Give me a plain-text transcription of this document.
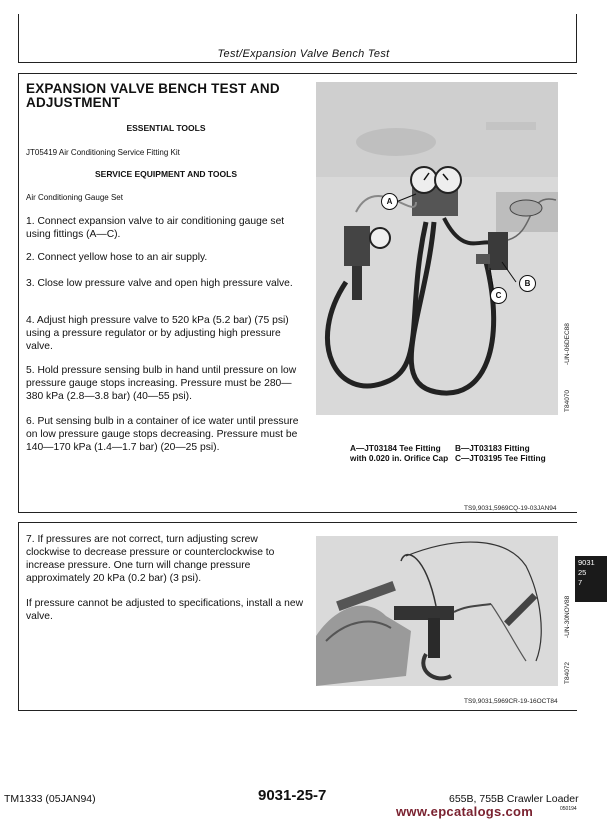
Test/Expansion Valve Bench Test
EXPANSION VALVE BENCH TEST AND ADJUSTMENT
ESSENTIAL TOOLS
JT05419 Air Conditioning Service Fitting Kit
SERVICE EQUIPMENT AND TOOLS
Air Conditioning Gauge Set
1. Connect expansion valve to air conditioning gauge set using fittings (A—C).
2. Connect yellow hose to an air supply.
3. Close low pressure valve and open high pressure valve.
4. Adjust high pressure valve to 520 kPa (5.2 bar) (75 psi) using a pressure regulator or by adjusting high pressure valve.
5. Hold pressure sensing bulb in hand until pressure on low pressure gauge stops increasing. Pressure must be 280—380 kPa (2.8—3.8 bar) (40—55 psi).
6. Put sensing bulb in a container of ice water until pressure on low pressure gauge stops decreasing. Pressure must be 140—170 kPa (1.4—1.7 bar) (20—25 psi).
A
B
C
-UN-06DEC88
T84070
A—JT03184 Tee Fitting with 0.020 in. Orifice Cap
B—JT03183 Fitting
C—JT03195 Tee Fitting
TS9,9031,5969CQ-19-03JAN94
7. If pressures are not correct, turn adjusting screw clockwise to decrease pressure or counterclockwise to increase pressure. One turn will change pressure approximately 20 kPa (0.2 bar) (3 psi).
If pressure cannot be adjusted to specifications, install a new valve.	-UN-30NOV88
T84072
TS9,9031,5969CR-19-16OCT84
9031
25
7
TM1333 (05JAN94)	9031-25-7	655B, 755B Crawler Loader
050194
www.epcatalogs.com
